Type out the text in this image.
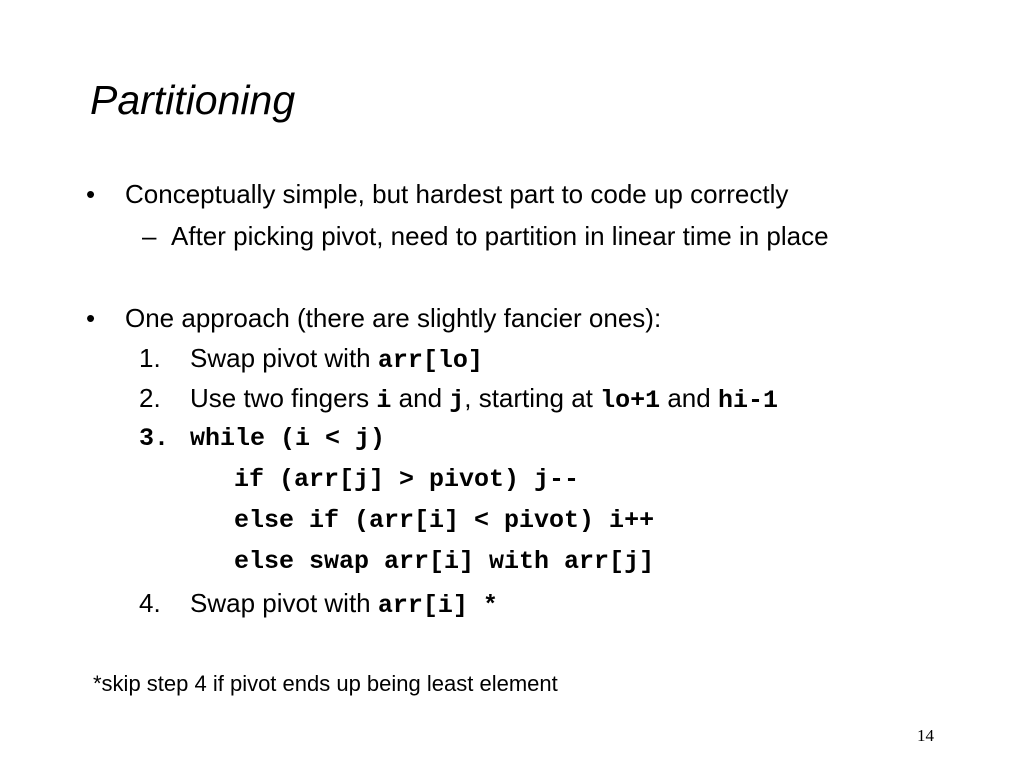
Partitioning
• Conceptually simple, but hardest part to code up correctly
– After picking pivot, need to partition in linear time in place
• One approach (there are slightly fancier ones):
1. Swap pivot with arr[lo]
2. Use two fingers i and j, starting at lo+1 and hi-1
3. while (i < j)
if (arr[j] > pivot) j--
else if (arr[i] < pivot) i++
else swap arr[i] with arr[j]
4. Swap pivot with arr[i] *
*skip step 4 if pivot ends up being least element
14
